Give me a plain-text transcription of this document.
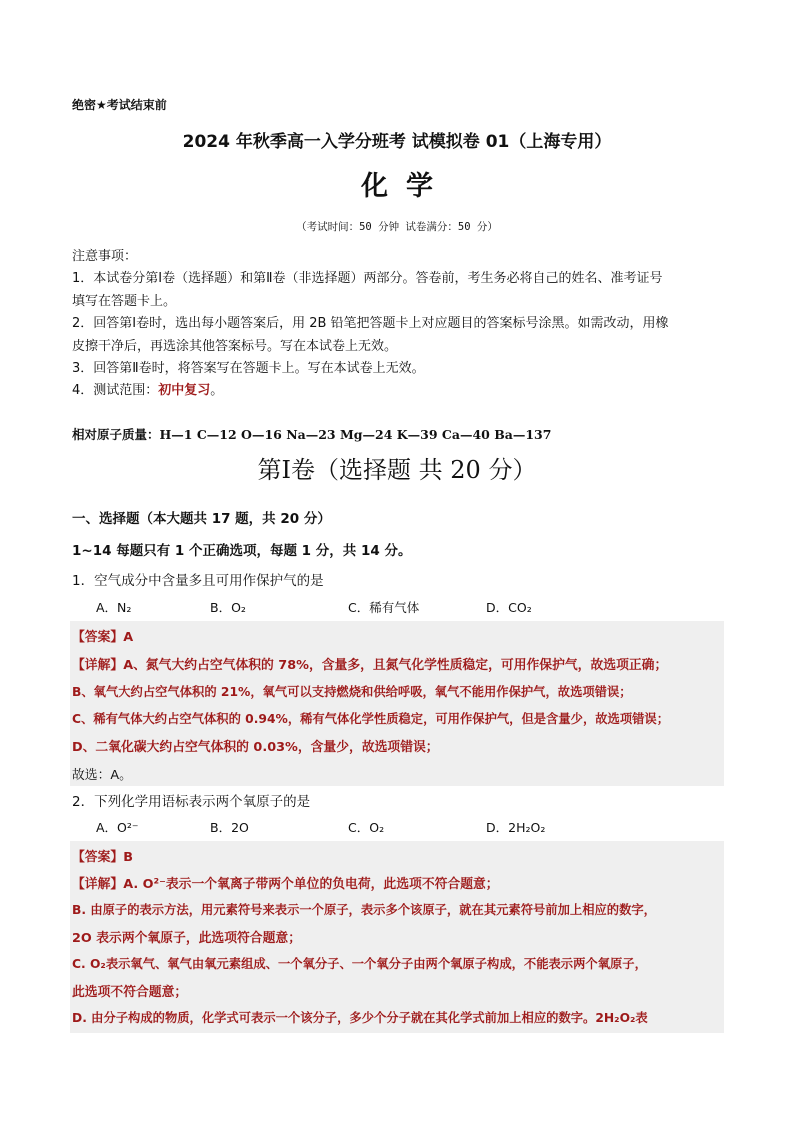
绝密★考试结束前
2024 年秋季高一入学分班考 试模拟卷 01（上海专用）
化学
（考试时间：50 分钟 试卷满分：50 分）
注意事项：
1．本试卷分第Ⅰ卷（选择题）和第Ⅱ卷（非选择题）两部分。答卷前，考生务必将自己的姓名、准考证号
填写在答题卡上。
2．回答第Ⅰ卷时，选出每小题答案后，用 2B 铅笔把答题卡上对应题目的答案标号涂黑。如需改动，用橡
皮擦干净后，再选涂其他答案标号。写在本试卷上无效。
3．回答第Ⅱ卷时，将答案写在答题卡上。写在本试卷上无效。
4．测试范围：初中复习。
相对原子质量：H—1 C—12 O—16 Na—23 Mg—24 K—39 Ca—40 Ba—137
第Ⅰ卷（选择题 共 20 分）
一、选择题（本大题共 17 题，共 20 分）
1~14 每题只有 1 个正确选项，每题 1 分，共 14 分。
1．空气成分中含量多且可用作保护气的是
A．N₂	B．O₂	C．稀有气体	D．CO₂
【答案】A
【详解】A、氮气大约占空气体积的 78%，含量多，且氮气化学性质稳定，可用作保护气，故选项正确；
B、氧气大约占空气体积的 21%，氧气可以支持燃烧和供给呼吸，氧气不能用作保护气，故选项错误；
C、稀有气体大约占空气体积的 0.94%，稀有气体化学性质稳定，可用作保护气，但是含量少，故选项错误；
D、二氧化碳大约占空气体积的 0.03%，含量少，故选项错误；
故选：A。
2．下列化学用语标表示两个氧原子的是
A．O²⁻	B．2O	C．O₂	D．2H₂O₂
【答案】B
【详解】A. O²⁻表示一个氧离子带两个单位的负电荷，此选项不符合题意；
B. 由原子的表示方法，用元素符号来表示一个原子，表示多个该原子，就在其元素符号前加上相应的数字，
2O 表示两个氧原子，此选项符合题意；
C. O₂表示氧气、氧气由氧元素组成、一个氧分子、一个氧分子由两个氧原子构成，不能表示两个氧原子，
此选项不符合题意；
D. 由分子构成的物质，化学式可表示一个该分子，多少个分子就在其化学式前加上相应的数字。2H₂O₂表
